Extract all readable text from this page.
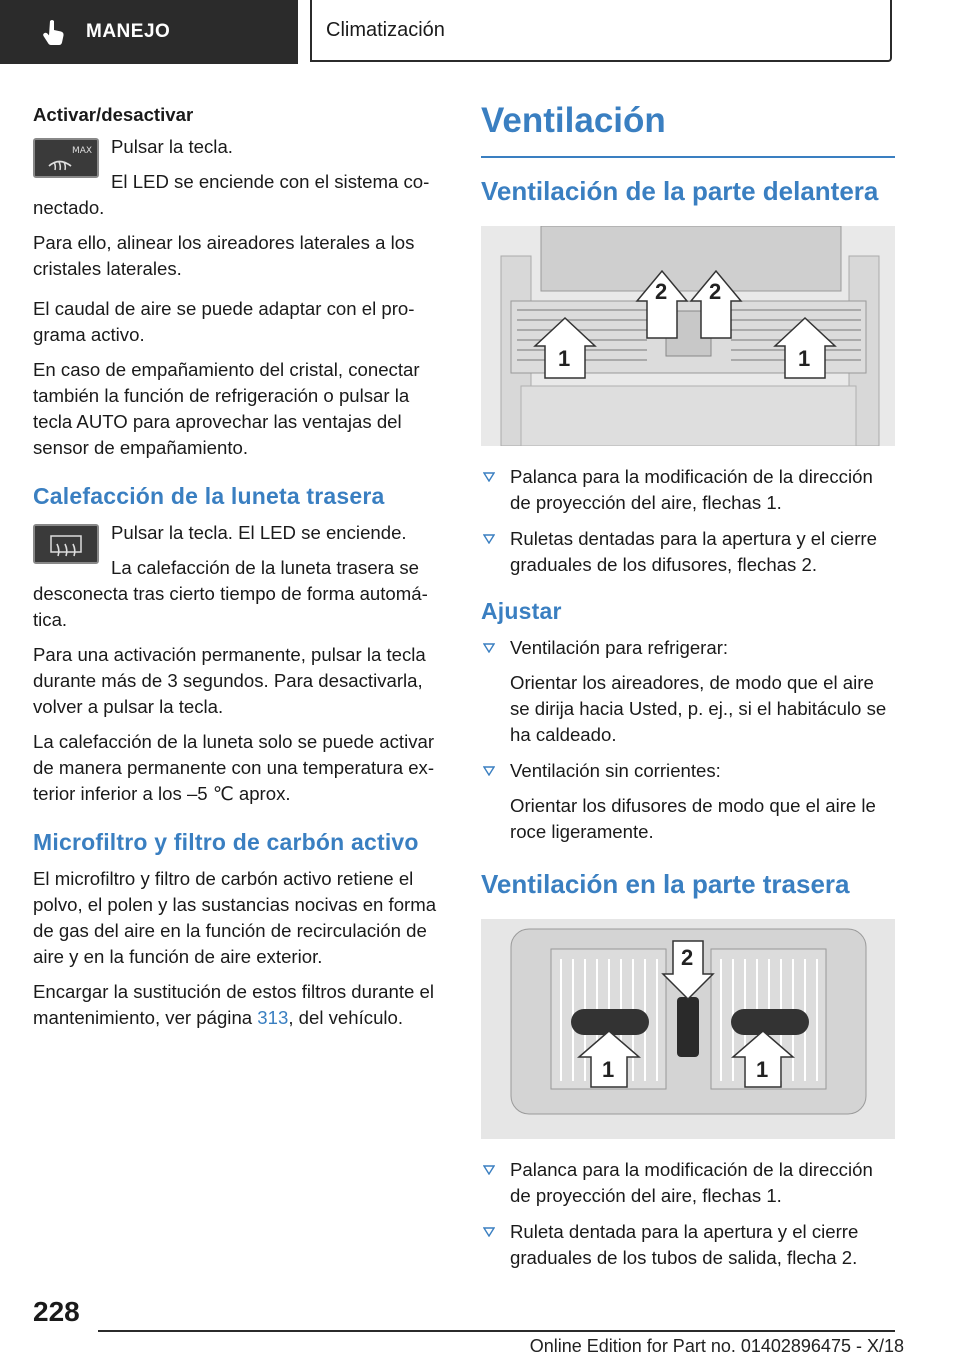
MANEJO	Climatización
Activar/desactivar
MAX Pulsar la tecla.

El LED se enciende con el sistema co-

nectado.

Para ello, alinear los aireadores laterales a los cristales laterales.

El caudal de aire se puede adaptar con el pro- grama activo.

En caso de empañamiento del cristal, conectar también la función de refrigeración o pulsar la tecla AUTO para aprovechar las ventajas del sensor de empañamiento.

Calefacción de la luneta trasera

Pulsar la tecla. El LED se enciende.

La calefacción de la luneta trasera se

desconecta tras cierto tiempo de forma automá- tica.

Para una activación permanente, pulsar la tecla durante más de 3 segundos. Para desactivarla, volver a pulsar la tecla.

La calefacción de la luneta solo se puede activar de manera permanente con una temperatura ex- terior inferior a los –5 ℃ aprox.

Microfiltro y filtro de carbón activo

El microfiltro y filtro de carbón activo retiene el polvo, el polen y las sustancias nocivas en forma de gas del aire en la función de recirculación de aire y en la función de aire exterior.

Encargar la sustitución de estos filtros durante el mantenimiento, ver página 313, del vehículo.

Ventilación
Ventilación de la parte delantera
2 2
1	1
Palanca para la modificación de la dirección de proyección del aire, flechas 1.
Ruletas dentadas para la apertura y el cierre graduales de los difusores, flechas 2.
Ajustar
Ventilación para refrigerar:
Orientar los aireadores, de modo que el aire se dirija hacia Usted, p. ej., si el habitáculo se ha caldeado.
Ventilación sin corrientes:
Orientar los difusores de modo que el aire le roce ligeramente.
Ventilación en la parte trasera
2
1	1
Palanca para la modificación de la dirección de proyección del aire, flechas 1.
Ruleta dentada para la apertura y el cierre graduales de los tubos de salida, flecha 2.
228
Online Edition for Part no. 01402896475 - X/18
